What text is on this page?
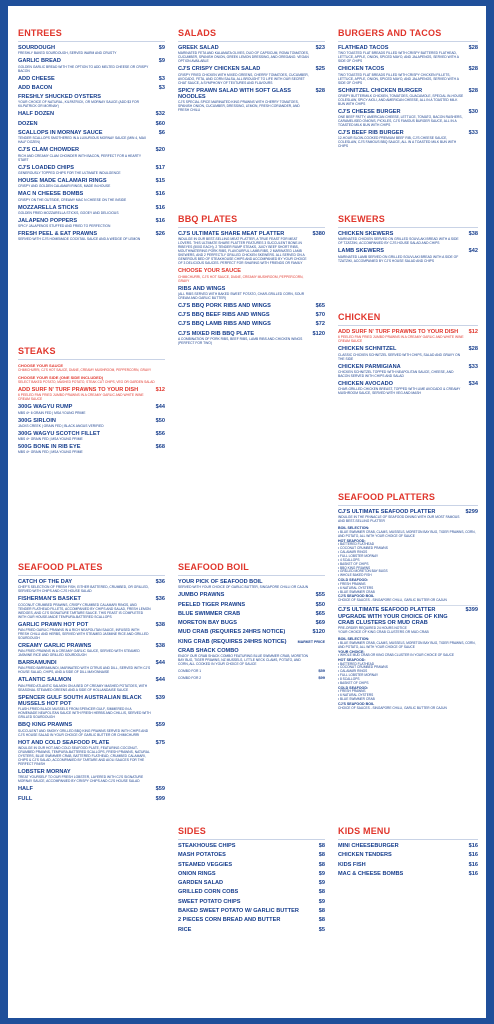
ENTREES
SOURDOUGH	$9
FRESHLY BAKED SOURDOUGH, SERVED WARM AND CRUSTY
GARLIC BREAD	$9
GOLDEN GARLIC BREAD WITH THE OPTION TO ADD MELTED CHEESE OR CRISPY BACON
ADD CHEESE	$3
ADD BACON	$3
FRESHLY SHUCKED OYSTERS
YOUR CHOICE OF NATURAL, KILPATRICK, OR MORNAY SAUCE (ADD $3 FOR KILPATRICK OR MORNAY)
HALF DOZEN	$32
DOZEN	$60
SCALLOPS IN MORNAY SAUCE	$6
TENDER SCALLOPS SMOTHERED IN A LUXURIOUS MORNAY SAUCE (MIN 4, MAX HALF DOZEN)
CJ'S CLAM CHOWDER	$20
RICH AND CREAMY CLAM CHOWDER WITH BACON, PERFECT FOR A HEARTY START
CJ'S LOADED CHIPS	$17
GENEROUSLY TOPPED CHIPS FOR THE ULTIMATE INDULGENCE
HOUSE MADE CALAMARI RINGS	$15
CRISPY AND GOLDEN CALAMARI RINGS, MADE IN-HOUSE
MAC N CHEESE BOMBS	$16
CRISPY ON THE OUTSIDE, CREAMY MAC N CHEESE ON THE INSIDE
MOZZARELLA STICKS	$16
GOLDEN FRIED MOZZARELLA STICKS, GOOEY AND DELICIOUS
JALAPENO POPPERS	$16
SPICY JALAPENOS STUFFED AND FRIED TO PERFECTION
FRESH PEEL & EAT PRAWNS	$26
SERVED WITH CJ'S HOMEMADE COCKTAIL SAUCE AND A WEDGE OF LEMON
STEAKS
CHOOSE YOUR SAUCE
CHIMICHURRI, CJ'S HOT SAUCE, DIANE, CREAMY MUSHROOM, PEPPERCORN, GRAVY
CHOOSE YOUR SIDE (ONE SIDE INCLUDED)
SELECT BAKED POTATO, MASHED POTATO, STEAK CUT CHIPS, VEG OR GARDEN SALAD
ADD SURF N' TURF PRAWNS TO YOUR DISH	$12
6 PEELED PAN FRIED JUMBO PRAWNS IN A CREAMY GARLIC AND WHITE WINE CREAM SAUCE
300G WAGYU RUMP	$44
MBS 4+ 6 GRAIN FED | MSA YOUNG PRIME
300G SIRLOIN	$50
JACKS CREEK | GRAIN FED | BLACK ANGUS VERIFIED
300G WAGYU SCOTCH FILLET	$56
MBS 4+ GRAIN FED | MSA YOUNG PRIME
500G BONE IN RIB EYE	$68
MBS 4+ GRAIN FED | MSA YOUNG PRIME
SEAFOOD PLATES
CATCH OF THE DAY	$36
CHEF'S SELECTION OF FRESH FISH, EITHER BATTERED, CRUMBED, OR GRILLED, SERVED WITH CHIPS AND CJ'S HOUSE SALAD
FISHERMAN'S BASKET	$36
COCONUT CRUMBED PRAWNS, CRISPY CRUMBED CALAMARI RINGS, AND TENDER FLATHEAD FILLETS, ACCOMPANIED BY CHIPS AND SALAD, FRESH LEMON WEDGES, AND CJ'S SIGNATURE TARTARE SAUCE. THIS FEAST IS COMPLETED WITH OUR HOUSE-MADE TEMPURA-BATTERED SCALLOPS
GARLIC PRAWN HOT POT	$38
PAN-FRIED GARLIC PRAWNS IN A RICH NEAPOLITAN SAUCE, INFUSED WITH FRESH CHILLI AND HERBS, SERVED WITH STEAMED JASMINE RICE AND GRILLED SOURDOUGH
CREAMY GARLIC PRAWNS	$38
PAN-FRIED PRAWNS IN A CREAMY GARLIC SAUCE, SERVED WITH STEAMED JASMINE RICE AND GRILLED SOURDOUGH
BARRAMUNDI	$44
PAN-FRIED BARRAMUNDI, MARINATED WITH CITRUS AND DILL, SERVED WITH CJ'S HOUSE SALAD, CHIPS, AND A SIDE OF DILL MAYONNAISE
ATLANTIC SALMON	$44
PAN-FRIED ATLANTIC SALMON ON A BED OF CREAMY MASHED POTATOES, WITH SEASONAL STEAMED GREENS AND A SIDE OF HOLLANDAISE SAUCE
SPENCER GULF SOUTH AUSTRALIAN BLACK MUSSELS HOT POT
$39
FLASH-FRIED BLACK MUSSELS FROM SPENCER GULF, SIMMERED IN A HOMEMADE NEAPOLITAN SAUCE WITH FRESH HERBS AND CHILLIS, SERVED WITH GRILLED SOURDOUGH
BBQ KING PRAWNS	$59
SUCCULENT AND SMOKY GRILLED BBQ KING PRAWNS SERVED WITH CHIPS AND CJ'S HOUSE SALAD IN YOUR CHOICE OF GARLIC BUTTER OR CHIMICHURRI
HOT AND COLD SEAFOOD PLATE	$75
INDULGE IN OUR HOT AND COLD SEAFOOD PLATE, FEATURING COCONUT-CRUMBED PRAWNS, TEMPURA-BATTERED SCALLOPS, FRESH PRAWNS, NATURAL OYSTERS, BLUE SWIMMER CRAB, BATTERED FLATHEAD, CRUMBED CALAMARI, CHIPS & CJ'S SALAD, ACCOMPANIED BY TARTARE AND AIOLI SAUCES FOR THE PERFECT FINISH
LOBSTER MORNAY
TREAT YOURSELF TO OUR FRESH LOBSTER, LAYERED WITH CJ'S SIGNATURE MORNAY SAUCE, ACCOMPANIED BY CRISPY CHIPS AND CJ'S HOUSE SALAD
HALF	$59
FULL	$99
SALADS
GREEK SALAD	$23
MARINATED FETA AND KALAMATA OLIVES, DUO OF CAPSICUM, ROMA TOMATOES, CUCUMBER, SPANISH ONION, GREEK LEMON DRESSING, AND OREGANO. VEGAN OPTION AVAILABLE
CJ'S CRISPY CHICKEN SALAD	$25
CRISPY FRIED CHICKEN WITH MIXED GREENS, CHERRY TOMATOES, CUCUMBER, AVOCADO, FETA, AND CORN SALSA, ALL BROUGHT TO LIFE WITH OUR SECRET CHAT SAUCE, A SYMPHONY OF TEXTURES AND FLAVOURS
SPICY PRAWN SALAD WITH SOFT GLASS NOODLES
$28
CJ'S SPECIAL SPICE MARINATED KING PRAWNS WITH CHERRY TOMATOES, SPANISH ONION, CUCUMBER, DRESSING, LEMON, FRESH CORIANDER, AND FRESH CHILLI
BBQ PLATES
CJ'S ULTIMATE SHARE MEAT PLATTER	$380
INDULGE IN OUR BEST-SELLING MEAT PLATTER, A TRUE FEAST FOR MEAT LOVERS. THIS ULTIMATE SHARE PLATTER FEATURES 3 SUCCULENT BONE-IN RIBEYES (500G EACH), 2 TENDER RUMP STEAKS, JUICY BEEF SHORT RIBS, MOUTHWATERING PORK RIBS, FLAVOURFUL LAMB RIBS, 2 MARINATED LAMB SKEWERS, AND 2 PERFECTLY GRILLED CHICKEN SKEWERS. ALL SERVED ON A GENEROUS BED OF STEAKHOUSE CHIPS AND ACCOMPANIED BY YOUR CHOICE OF 3 DELICIOUS SAUCES. PERFECT FOR SHARING WITH FRIENDS OR FAMILY
CHOOSE YOUR SAUCE
CHIMICHURRI, CJ'S HOT SAUCE, DIANE, CREAMY MUSHROOM, PEPPERCORN, GRAVY
RIBS AND WINGS
(ALL RIBS SERVED WITH BAKED SWEET POTATO, CHAR-GRILLED CORN, SOUR CREAM AND GARLIC BUTTER)
CJ'S BBQ PORK RIBS AND WINGS	$65
CJ'S BBQ BEEF RIBS AND WINGS	$70
CJ'S BBQ LAMB RIBS AND WINGS	$72
CJ'S MIXED RIB BBQ PLATE	$120
A COMBINATION OF PORK RIBS, BEEF RIBS, LAMB RIBS AND CHICKEN WINGS (PERFECT FOR TWO)
SEAFOOD BOIL
YOUR PICK OF SEAFOOD BOIL
SERVED WITH YOUR CHOICE OF GARLIC BUTTER, SINGAPORE CHILLI OR CAJUN
JUMBO PRAWNS	$55
PEELED TIGER PRAWNS	$50
BLUE SWIMMER CRAB	$65
MORETON BAY BUGS	$69
MUD CRAB (REQUIRES 24HRS NOTICE)	$120
KING CRAB (REQUIRES 24HRS NOTICE)	MARKET PRICE
CRAB SHACK COMBO
ENJOY OUR CRAB SHACK COMBO FEATURING BLUE SWIMMER CRAB, MORETON BAY BUG, TIGER PRAWNS, NZ MUSSELS, LITTLE NECK CLAMS, POTATO, AND CORN, ALL COOKED IN YOUR CHOICE OF SAUCE
COMBO FOR 1	$59
COMBO FOR 2	$99
SIDES
STEAKHOUSE CHIPS	$8
MASH POTATOES	$8
STEAMED VEGGIES	$8
ONION RINGS	$9
GARDEN SALAD	$9
GRILLED CORN COBS	$8
SWEET POTATO CHIPS	$9
BAKED SWEET POTATO W/ GARLIC BUTTER	$8
2 PIECES CORN BREAD AND BUTTER	$8
RICE	$5
BURGERS AND TACOS
FLATHEAD TACOS	$28
TWO TOASTED FLAT BREADS FILLED WITH CRISPY BATTERED FLATHEAD, LETTUCE, APPLE, ONION, SPICED MAYO, AND JALAPENOS, SERVED WITH A SIDE OF CHIPS
CHICKEN TACOS	$28
TWO TOASTED FLAT BREADS FILLED WITH CRISPY CHICKEN FILLETS, LETTUCE, APPLE, ONION, SPICED MAYO, AND JALAPENOS, SERVED WITH A SIDE OF CHIPS
SCHNITZEL CHICKEN BURGER	$28
CRISPY BUTTERMILK CHICKEN, TOMATOES, GUACAMOLE, SPECIAL IN-HOUSE COLESLAW, SPICY AIOLI, AND AMERICAN CHEESE, ALL IN A TOASTED MILK BUN WITH CHIPS
CJ'S CHEESE BURGER	$30
ONE BEEF PATTY, AMERICAN CHEESE, LETTUCE, TOMATO, BACON RASHERS, CARAMELISED ONIONS, PICKLES, CJ'S FAMOUS BURGER SAUCE, ALL IN A TOASTED MILK BUN WITH CHIPS
CJ'S BEEF RIB BURGER	$33
12-HOUR SLOW-COOKED PREMIUM BEEF RIB, CJ'S CHEESE SAUCE, COLESLAW, CJ'S FAMOUS BBQ SAUCE, ALL IN A TOASTED MILK BUN WITH CHIPS
SKEWERS
CHICKEN SKEWERS	$38
MARINATED CHICKEN SERVED ON GRILLED SOUVLAKI BREAD WITH A SIDE OF TZATZIKI, ACCOMPANIED BY CJ'S HOUSE SALAD AND CHIPS
LAMB SKEWERS	$42
MARINATED LAMB SERVED ON GRILLED SOUVLAKI BREAD WITH A SIDE OF TZATZIKI, ACCOMPANIED BY CJ'S HOUSE SALAD AND CHIPS
CHICKEN
ADD SURF N' TURF PRAWNS TO YOUR DISH	$12
6 PEELED PAN FRIED JUMBO PRAWNS IN A CREAMY GARLIC AND WHITE WINE CREAM SAUCE
CHICKEN SCHNITZEL	$28
CLASSIC CHICKEN SCHNITZEL SERVED WITH CHIPS, SALAD AND GRAVY ON THE SIDE
CHICKEN PARMIGIANA	$33
CHICKEN SCHNITZEL TOPPED WITH NEAPOLITAN SAUCE, CHEESE, AND BACON SERVED WITH CHIPS AND SALAD
CHICKEN AVOCADO	$34
CHAR-GRILLED CHICKEN BREAST, TOPPED WITH LIME AVOCADO & CREAMY MUSHROOM SAUCE, SERVED WITH VEG AND MASH
SEAFOOD PLATTERS
CJ'S ULTIMATE SEAFOOD PLATTER	$299
INDULGE IN THE PINNACLE OF SEAFOOD DINING WITH OUR MOST FAMOUS AND BEST-SELLING PLATTER
BOIL SELECTION:
• BLUE SWIMMER CRAB, CLAMS, MUSSELS, MORETON BAY BUG, TIGER PRAWNS, CORN, AND POTATO, ALL WITH YOUR CHOICE OF SAUCE
HOT SEAFOOD:
• BATTERED FLATHEAD
• COCONUT CRUMBED PRAWNS
• CALAMARI RINGS
• FULL LOBSTER MORNAY
• 4 SCALLOPS
• BASKET OF CHIPS
• BBQ KING PRAWNS
• GRILLED MORETON BAY BUGS
• WHOLE BAKED FISH
COLD SEAFOOD:
• FRESH PRAWNS
• 6 NATURAL OYSTERS
• BLUE SWIMMER CRAB
CJ'S SEAFOOD BOIL
CHOICE OF SAUCES - SINGAPORE CHILLI, GARLIC BUTTER OR CAJUN
CJ'S ULTIMATE SEAFOOD PLATTER UPGRADE WITH YOUR CHOICE OF KING CRAB CLUSTERS OR MUD CRAB
$399
PRE-ORDER REQUIRED 24 HOURS NOTICE
YOUR CHOICE OF KING CRAB CLUSTERS OR MUD CRAB
BOIL SELECTION:
• BLUE SWIMMER CRAB, CLAMS, MUSSELS, MORETON BAY BUG, TIGER PRAWNS, CORN, AND POTATO, ALL WITH YOUR CHOICE OF SAUCE
YOUR CHOICE:
• WHOLE MUD CRAB OR KING CRAB CLUSTER IN YOUR CHOICE OF SAUCE
HOT SEAFOOD:
• BATTERED FLATHEAD
• COCONUT CRUMBED PRAWNS
• CALAMARI RINGS
• FULL LOBSTER MORNAY
• 8 SCALLOPS
• BASKET OF CHIPS
COLD SEAFOOD:
• FRESH PRAWNS
• 6 NATURAL OYSTERS
• BLUE SWIMMER CRAB
CJ'S SEAFOOD BOIL
CHOICE OF SAUCES - SINGAPORE CHILLI, GARLIC BUTTER OR CAJUN
KIDS MENU
MINI CHEESEBURGER	$16
CHICKEN TENDERS	$16
KIDS FISH	$16
MAC & CHEESE BOMBS	$16
